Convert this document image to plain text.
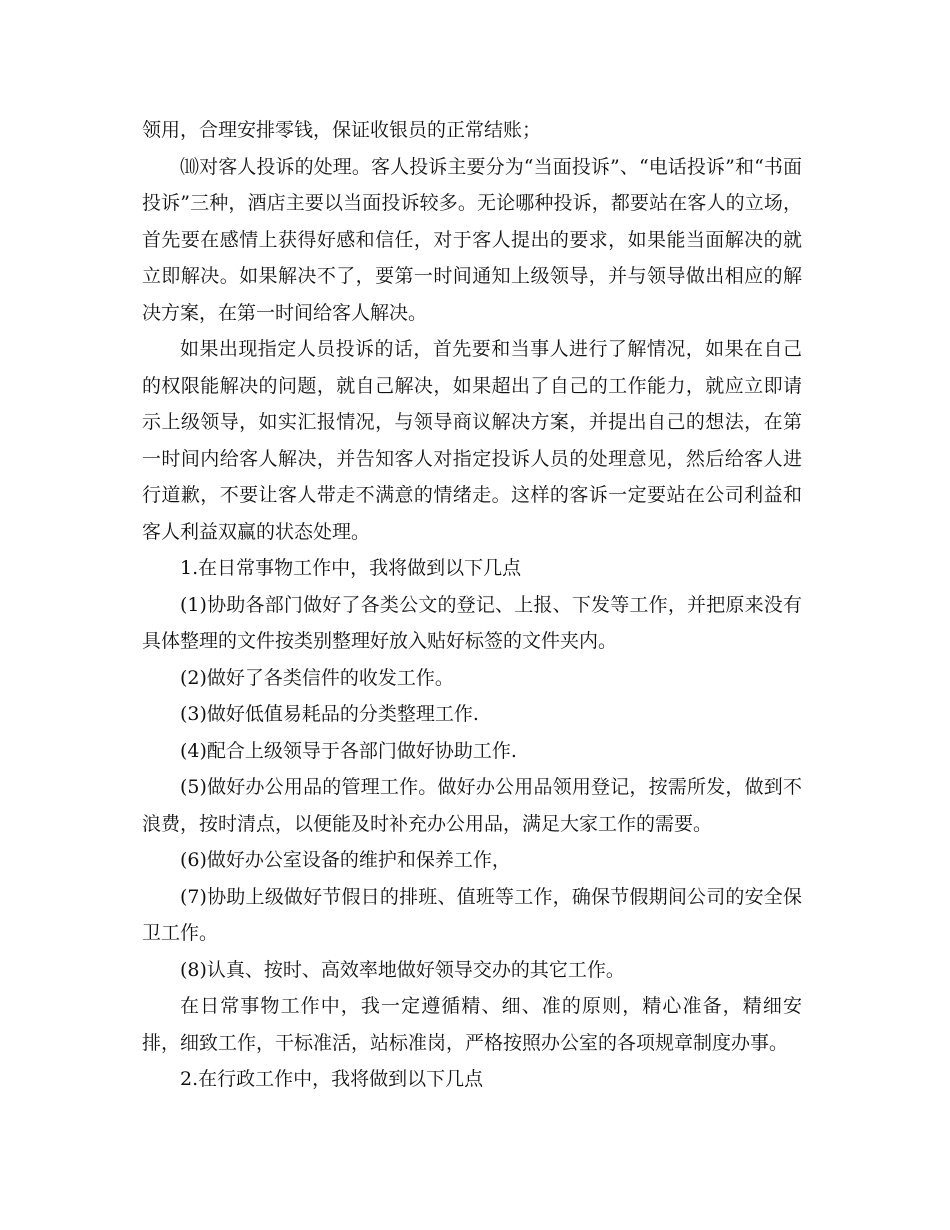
领用，合理安排零钱，保证收银员的正常结账；

⑽对客人投诉的处理。客人投诉主要分为“当面投诉”、“电话投诉”和“书面投诉”三种，酒店主要以当面投诉较多。无论哪种投诉，都要站在客人的立场，首先要在感情上获得好感和信任，对于客人提出的要求，如果能当面解决的就立即解决。如果解决不了，要第一时间通知上级领导，并与领导做出相应的解决方案，在第一时间给客人解决。

如果出现指定人员投诉的话，首先要和当事人进行了解情况，如果在自己的权限能解决的问题，就自己解决，如果超出了自己的工作能力，就应立即请示上级领导，如实汇报情况，与领导商议解决方案，并提出自己的想法，在第一时间内给客人解决，并告知客人对指定投诉人员的处理意见，然后给客人进行道歉，不要让客人带走不满意的情绪走。这样的客诉一定要站在公司利益和客人利益双赢的状态处理。

1.在日常事物工作中，我将做到以下几点

(1)协助各部门做好了各类公文的登记、上报、下发等工作，并把原来没有具体整理的文件按类别整理好放入贴好标签的文件夹内。

(2)做好了各类信件的收发工作。

(3)做好低值易耗品的分类整理工作.

(4)配合上级领导于各部门做好协助工作.

(5)做好办公用品的管理工作。做好办公用品领用登记，按需所发，做到不浪费，按时清点，以便能及时补充办公用品，满足大家工作的需要。

(6)做好办公室设备的维护和保养工作，

(7)协助上级做好节假日的排班、值班等工作，确保节假期间公司的安全保卫工作。

(8)认真、按时、高效率地做好领导交办的其它工作。

在日常事物工作中，我一定遵循精、细、准的原则，精心准备，精细安排，细致工作，干标准活，站标准岗，严格按照办公室的各项规章制度办事。

2.在行政工作中，我将做到以下几点
